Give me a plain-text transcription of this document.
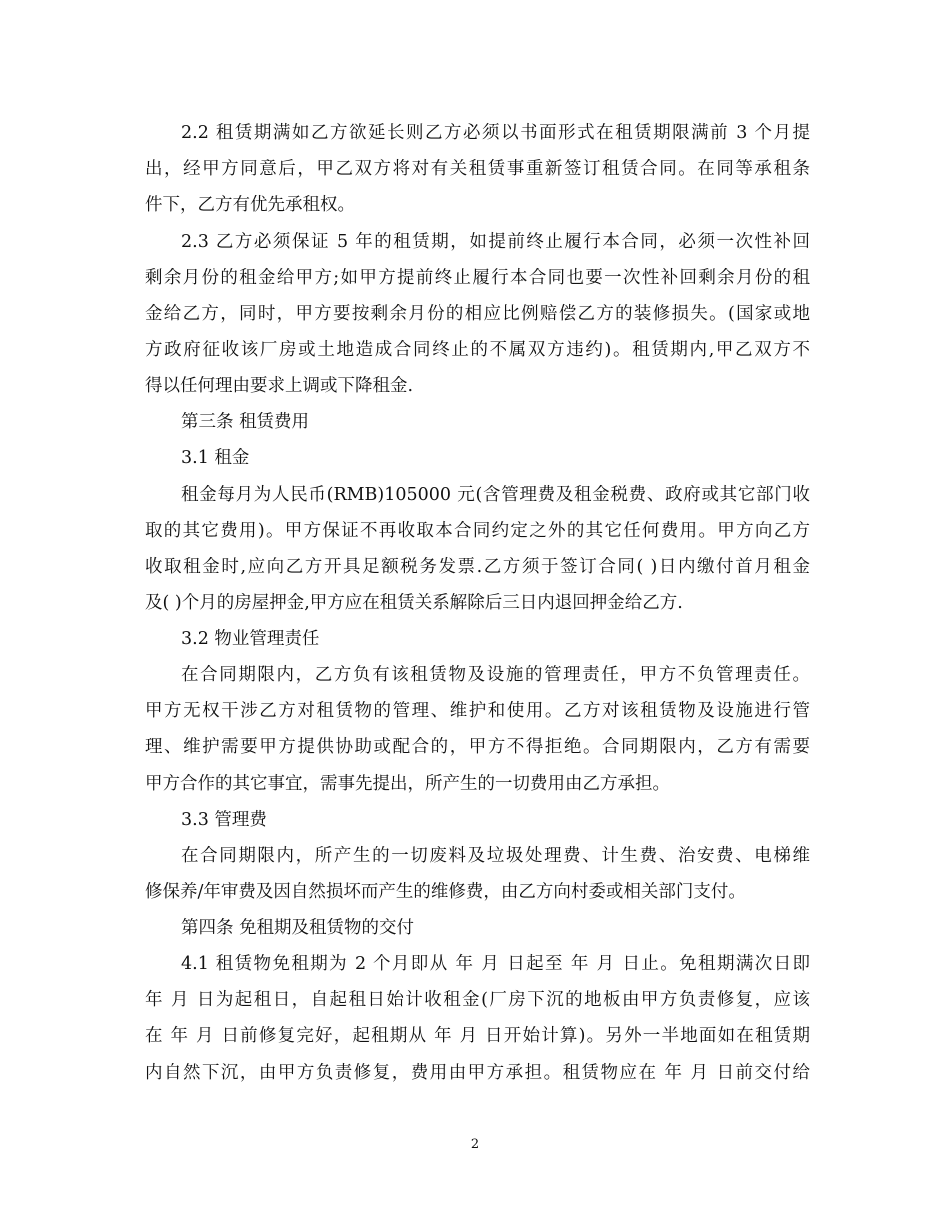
2.2 租赁期满如乙方欲延长则乙方必须以书面形式在租赁期限满前 3 个月提
出，经甲方同意后，甲乙双方将对有关租赁事重新签订租赁合同。在同等承租条
件下，乙方有优先承租权。
2.3 乙方必须保证 5 年的租赁期，如提前终止履行本合同，必须一次性补回
剩余月份的租金给甲方;如甲方提前终止履行本合同也要一次性补回剩余月份的租
金给乙方，同时，甲方要按剩余月份的相应比例赔偿乙方的装修损失。(国家或地
方政府征收该厂房或土地造成合同终止的不属双方违约)。租赁期内,甲乙双方不
得以任何理由要求上调或下降租金.
第三条 租赁费用
3.1 租金
租金每月为人民币(RMB)105000 元(含管理费及租金税费、政府或其它部门收
取的其它费用)。甲方保证不再收取本合同约定之外的其它任何费用。甲方向乙方
收取租金时,应向乙方开具足额税务发票.乙方须于签订合同( )日内缴付首月租金
及( )个月的房屋押金,甲方应在租赁关系解除后三日内退回押金给乙方.
3.2 物业管理责任
在合同期限内，乙方负有该租赁物及设施的管理责任，甲方不负管理责任。
甲方无权干涉乙方对租赁物的管理、维护和使用。乙方对该租赁物及设施进行管
理、维护需要甲方提供协助或配合的，甲方不得拒绝。合同期限内，乙方有需要
甲方合作的其它事宜，需事先提出，所产生的一切费用由乙方承担。
3.3 管理费
在合同期限内，所产生的一切废料及垃圾处理费、计生费、治安费、电梯维
修保养/年审费及因自然损坏而产生的维修费，由乙方向村委或相关部门支付。
第四条 免租期及租赁物的交付
4.1 租赁物免租期为 2 个月即从 年 月 日起至 年 月 日止。免租期满次日即
年 月 日为起租日，自起租日始计收租金(厂房下沉的地板由甲方负责修复，应该
在 年 月 日前修复完好，起租期从 年 月 日开始计算)。另外一半地面如在租赁期
内自然下沉，由甲方负责修复，费用由甲方承担。租赁物应在 年 月 日前交付给
2
